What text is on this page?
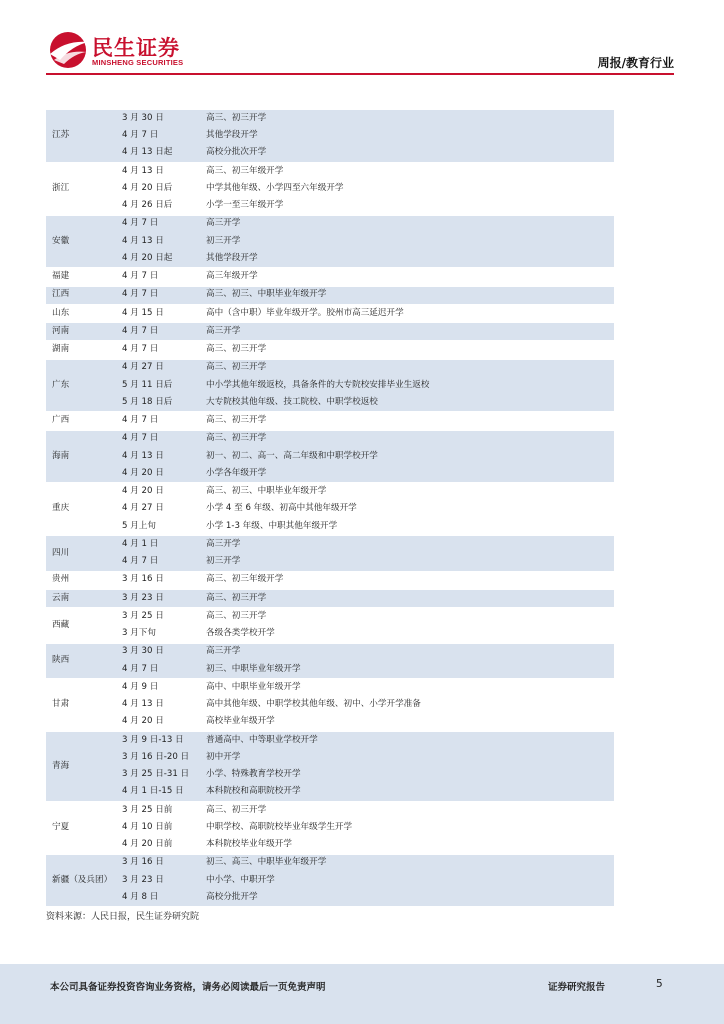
民生证券
MINSHENG SECURITIES	周报/教育行业
江苏	3 月 30 日	高三、初三开学
	4 月 7 日	其他学段开学
	4 月 13 日起	高校分批次开学
浙江	4 月 13 日	高三、初三年级开学
	4 月 20 日后	中学其他年级、小学四至六年级开学
	4 月 26 日后	小学一至三年级开学
安徽	4 月 7 日	高三开学
	4 月 13 日	初三开学
	4 月 20 日起	其他学段开学
福建	4 月 7 日	高三年级开学
江西	4 月 7 日	高三、初三、中职毕业年级开学
山东	4 月 15 日	高中（含中职）毕业年级开学。胶州市高三延迟开学
河南	4 月 7 日	高三开学
湖南	4 月 7 日	高三、初三开学
广东	4 月 27 日	高三、初三开学
	5 月 11 日后	中小学其他年级返校，具备条件的大专院校安排毕业生返校
	5 月 18 日后	大专院校其他年级、技工院校、中职学校返校
广西	4 月 7 日	高三、初三开学
海南	4 月 7 日	高三、初三开学
	4 月 13 日	初一、初二、高一、高二年级和中职学校开学
	4 月 20 日	小学各年级开学
重庆	4 月 20 日	高三、初三、中职毕业年级开学
	4 月 27 日	小学 4 至 6 年级、初高中其他年级开学
	5 月上旬	小学 1-3 年级、中职其他年级开学
四川	4 月 1 日	高三开学
	4 月 7 日	初三开学
贵州	3 月 16 日	高三、初三年级开学
云南	3 月 23 日	高三、初三开学
西藏	3 月 25 日	高三、初三开学
	3 月下旬	各级各类学校开学
陕西	3 月 30 日	高三开学
	4 月 7 日	初三、中职毕业年级开学
甘肃	4 月 9 日	高中、中职毕业年级开学
	4 月 13 日	高中其他年级、中职学校其他年级、初中、小学开学准备
	4 月 20 日	高校毕业年级开学
青海	3 月 9 日-13 日	普通高中、中等职业学校开学
	3 月 16 日-20 日	初中开学
	3 月 25 日-31 日	小学、特殊教育学校开学
	4 月 1 日-15 日	本科院校和高职院校开学
宁夏	3 月 25 日前	高三、初三开学
	4 月 10 日前	中职学校、高职院校毕业年级学生开学
	4 月 20 日前	本科院校毕业年级开学
新疆（及兵团）	3 月 16 日	初三、高三、中职毕业年级开学
	3 月 23 日	中小学、中职开学
	4 月 8 日	高校分批开学
资料来源：人民日报，民生证券研究院
本公司具备证券投资咨询业务资格，请务必阅读最后一页免责声明	证券研究报告	5
